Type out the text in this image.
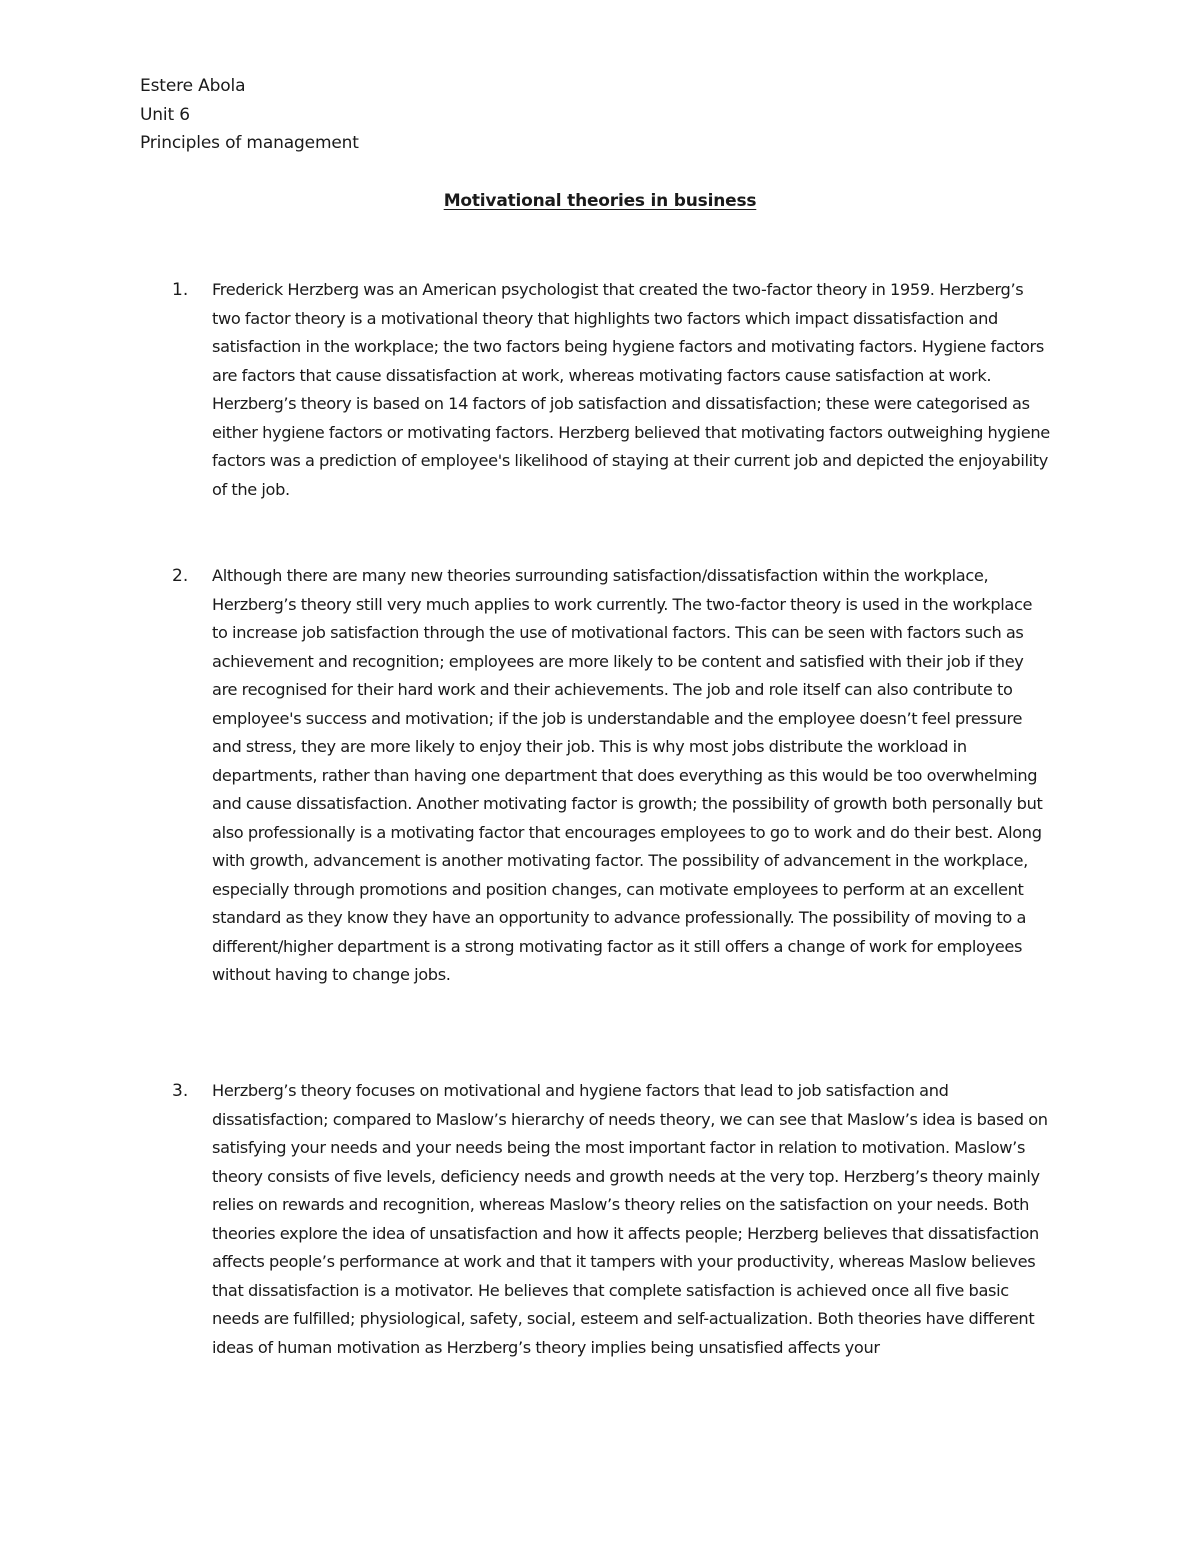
Estere Abola
Unit 6
Principles of management
Motivational theories in business
1. Frederick Herzberg was an American psychologist that created the two-factor theory in 1959. Herzberg’s two factor theory is a motivational theory that highlights two factors which impact dissatisfaction and satisfaction in the workplace; the two factors being hygiene factors and motivating factors. Hygiene factors are factors that cause dissatisfaction at work, whereas motivating factors cause satisfaction at work. Herzberg’s theory is based on 14 factors of job satisfaction and dissatisfaction; these were categorised as either hygiene factors or motivating factors. Herzberg believed that motivating factors outweighing hygiene factors was a prediction of employee's likelihood of staying at their current job and depicted the enjoyability of the job.
2. Although there are many new theories surrounding satisfaction/dissatisfaction within the workplace, Herzberg’s theory still very much applies to work currently. The two-factor theory is used in the workplace to increase job satisfaction through the use of motivational factors. This can be seen with factors such as achievement and recognition; employees are more likely to be content and satisfied with their job if they are recognised for their hard work and their achievements. The job and role itself can also contribute to employee's success and motivation; if the job is understandable and the employee doesn’t feel pressure and stress, they are more likely to enjoy their job. This is why most jobs distribute the workload in departments, rather than having one department that does everything as this would be too overwhelming and cause dissatisfaction. Another motivating factor is growth; the possibility of growth both personally but also professionally is a motivating factor that encourages employees to go to work and do their best. Along with growth, advancement is another motivating factor. The possibility of advancement in the workplace, especially through promotions and position changes, can motivate employees to perform at an excellent standard as they know they have an opportunity to advance professionally. The possibility of moving to a different/higher department is a strong motivating factor as it still offers a change of work for employees without having to change jobs.
3. Herzberg’s theory focuses on motivational and hygiene factors that lead to job satisfaction and dissatisfaction; compared to Maslow’s hierarchy of needs theory, we can see that Maslow’s idea is based on satisfying your needs and your needs being the most important factor in relation to motivation. Maslow’s theory consists of five levels, deficiency needs and growth needs at the very top. Herzberg’s theory mainly relies on rewards and recognition, whereas Maslow’s theory relies on the satisfaction on your needs. Both theories explore the idea of unsatisfaction and how it affects people; Herzberg believes that dissatisfaction affects people’s performance at work and that it tampers with your productivity, whereas Maslow believes that dissatisfaction is a motivator. He believes that complete satisfaction is achieved once all five basic needs are fulfilled; physiological, safety, social, esteem and self-actualization. Both theories have different ideas of human motivation as Herzberg’s theory implies being unsatisfied affects your
